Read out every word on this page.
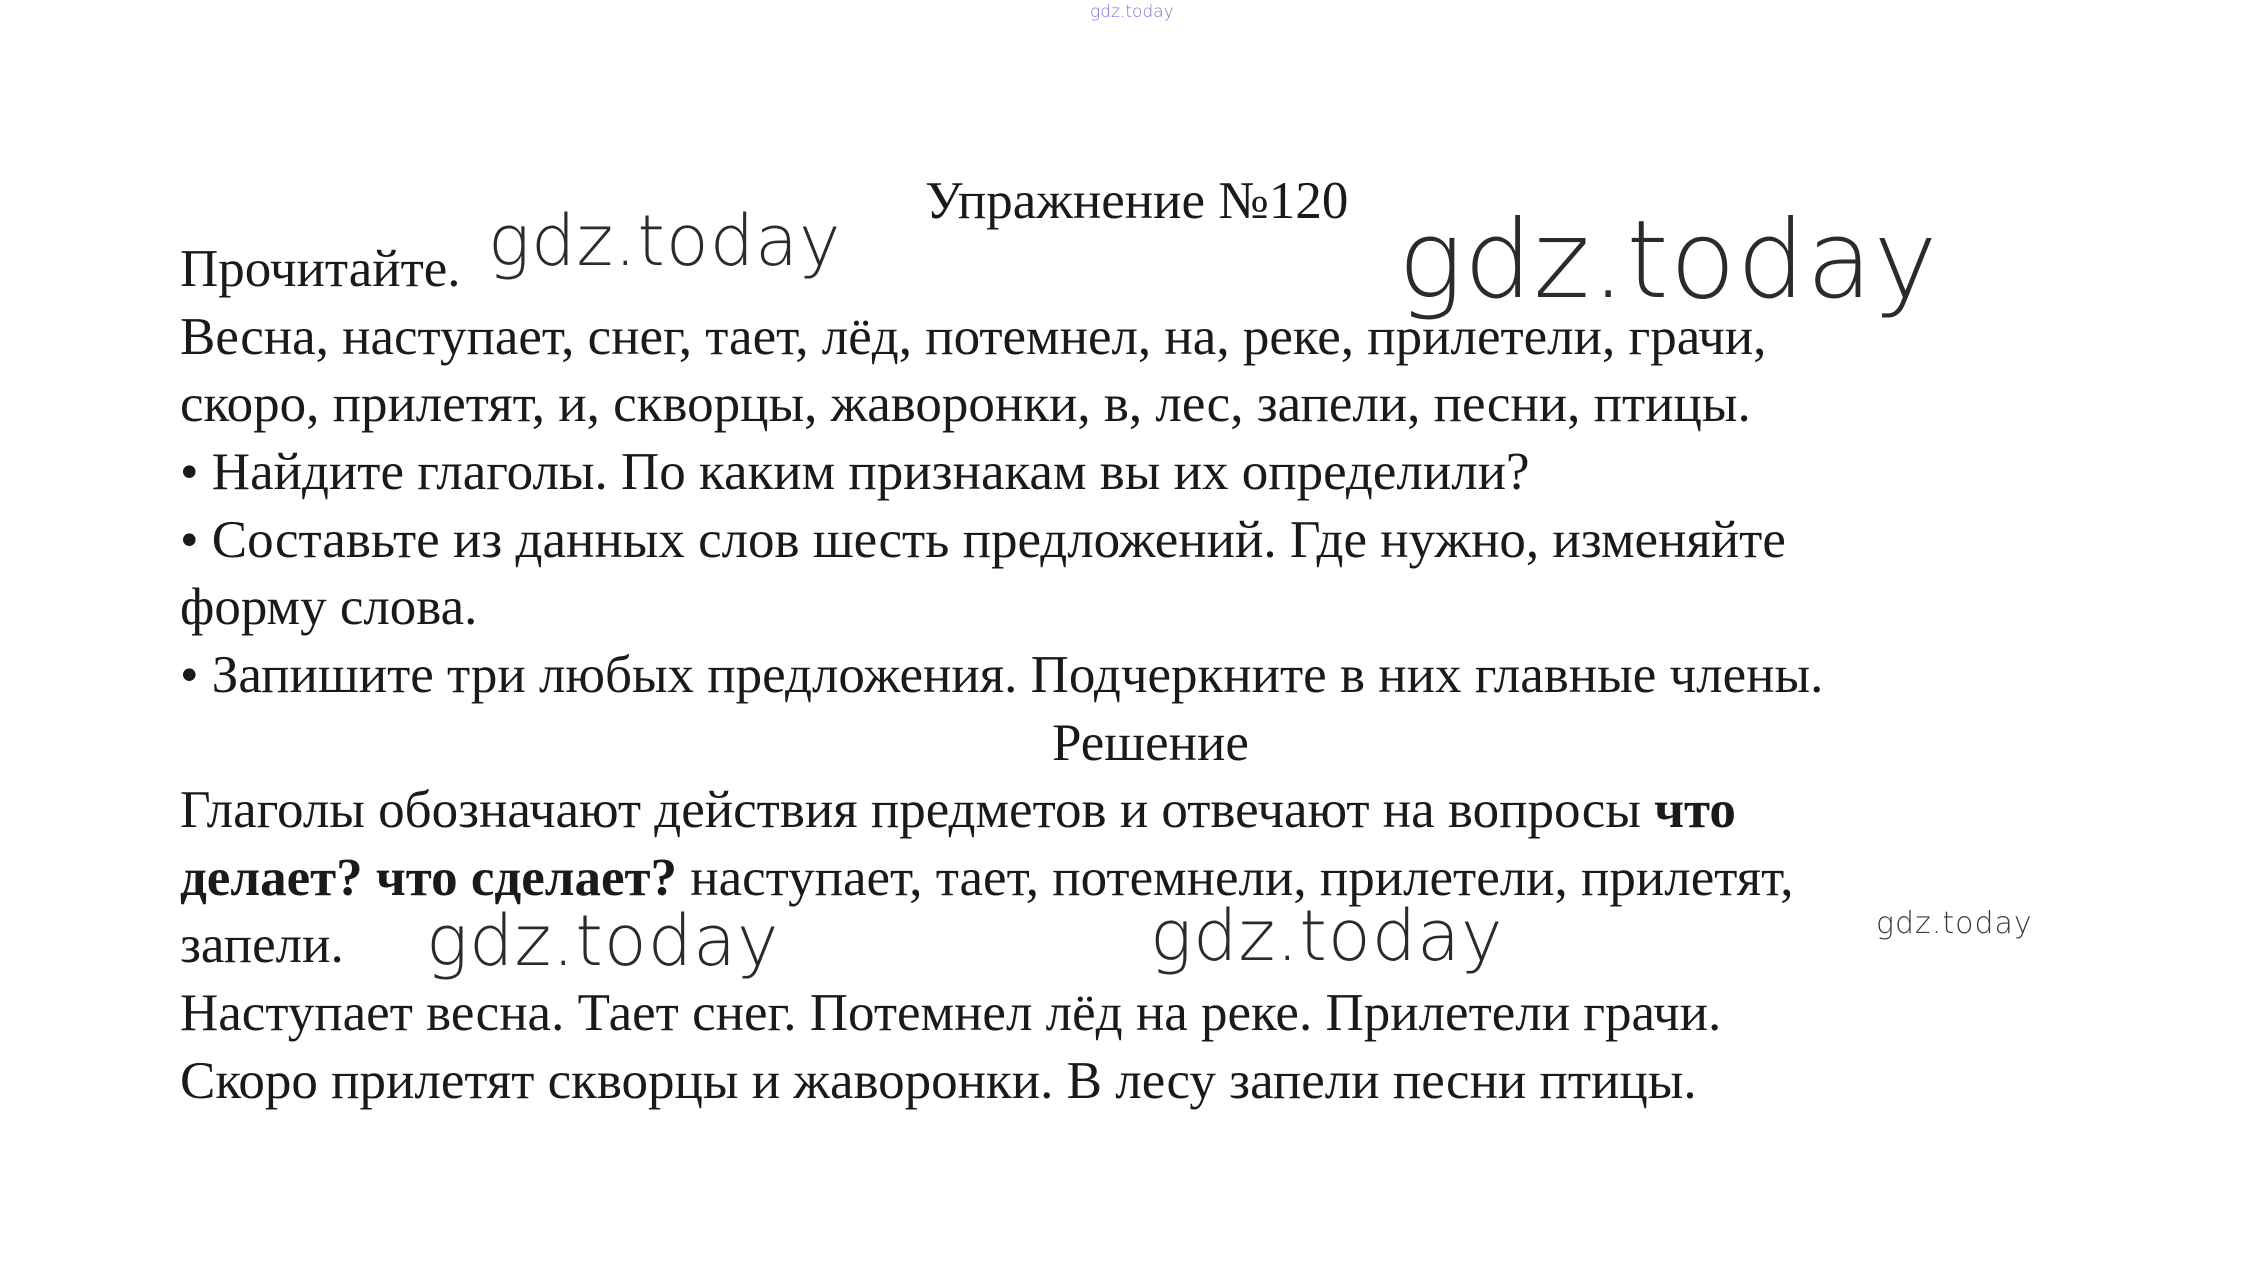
gdz.today

Упражнение №120

Прочитайте. gdz.today	gdz.today

Весна, наступает, снег, тает, лёд, потемнел, на, реке, прилетели, грачи,

скоро, прилетят, и, скворцы, жаворонки, в, лес, запели, песни, птицы.

• Найдите глаголы. По каким признакам вы их определили?

• Составьте из данных слов шесть предложений. Где нужно, изменяйте

форму слова.

• Запишите три любых предложения. Подчеркните в них главные члены.

Решение

Глаголы обозначают действия предметов и отвечают на вопросы что

делает? что сделает? наступает, тает, потемнели, прилетели, прилетят,

запели. gdz.today	gdz.today	gdz.today

Наступает весна. Тает снег. Потемнел лёд на реке. Прилетели грачи.

Скоро прилетят скворцы и жаворонки. В лесу запели песни птицы.
